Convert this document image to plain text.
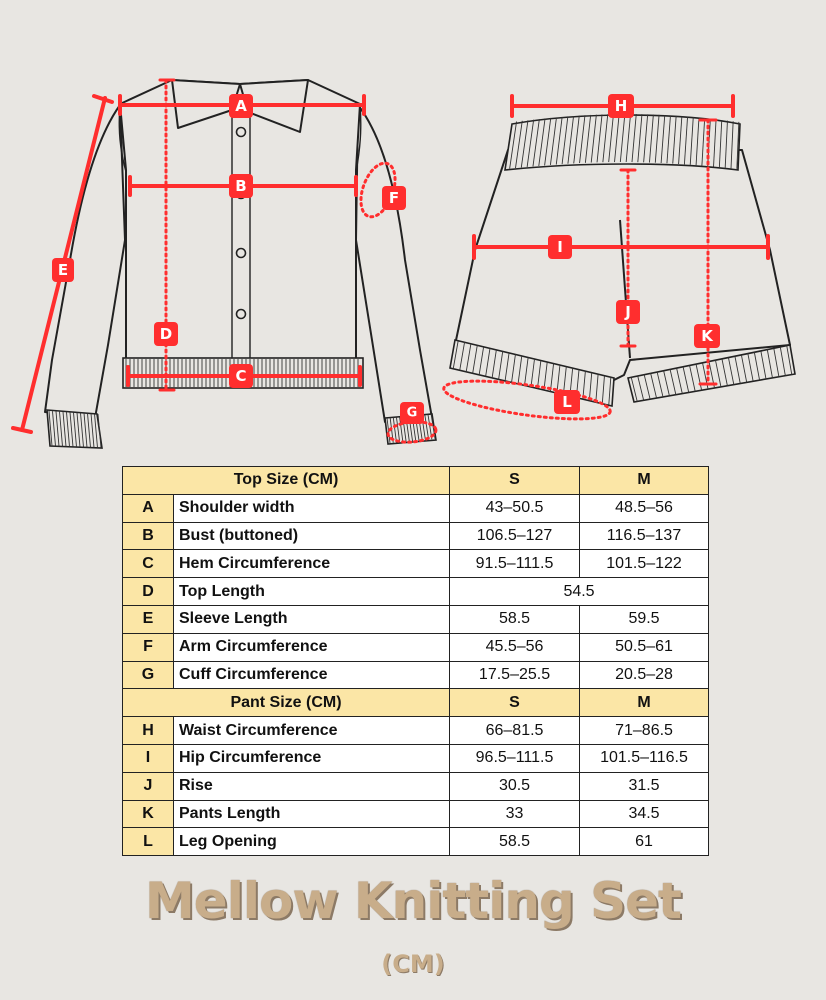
A
B
C
D
E
F
G
H
I
J
K
L
Top Size (CM)		S	M
A	Shoulder width	43–50.5	48.5–56
B	Bust (buttoned)	106.5–127	116.5–137
C	Hem Circumference	91.5–111.5	101.5–122
D	Top Length	54.5	
E	Sleeve Length	58.5	59.5
F	Arm Circumference	45.5–56	50.5–61
G	Cuff Circumference	17.5–25.5	20.5–28
Pant Size (CM)		S	M
H	Waist Circumference	66–81.5	71–86.5
I	Hip Circumference	96.5–111.5	101.5–116.5
J	Rise	30.5	31.5
K	Pants Length	33	34.5
L	Leg Opening	58.5	61
Mellow Knitting Set
(CM)
